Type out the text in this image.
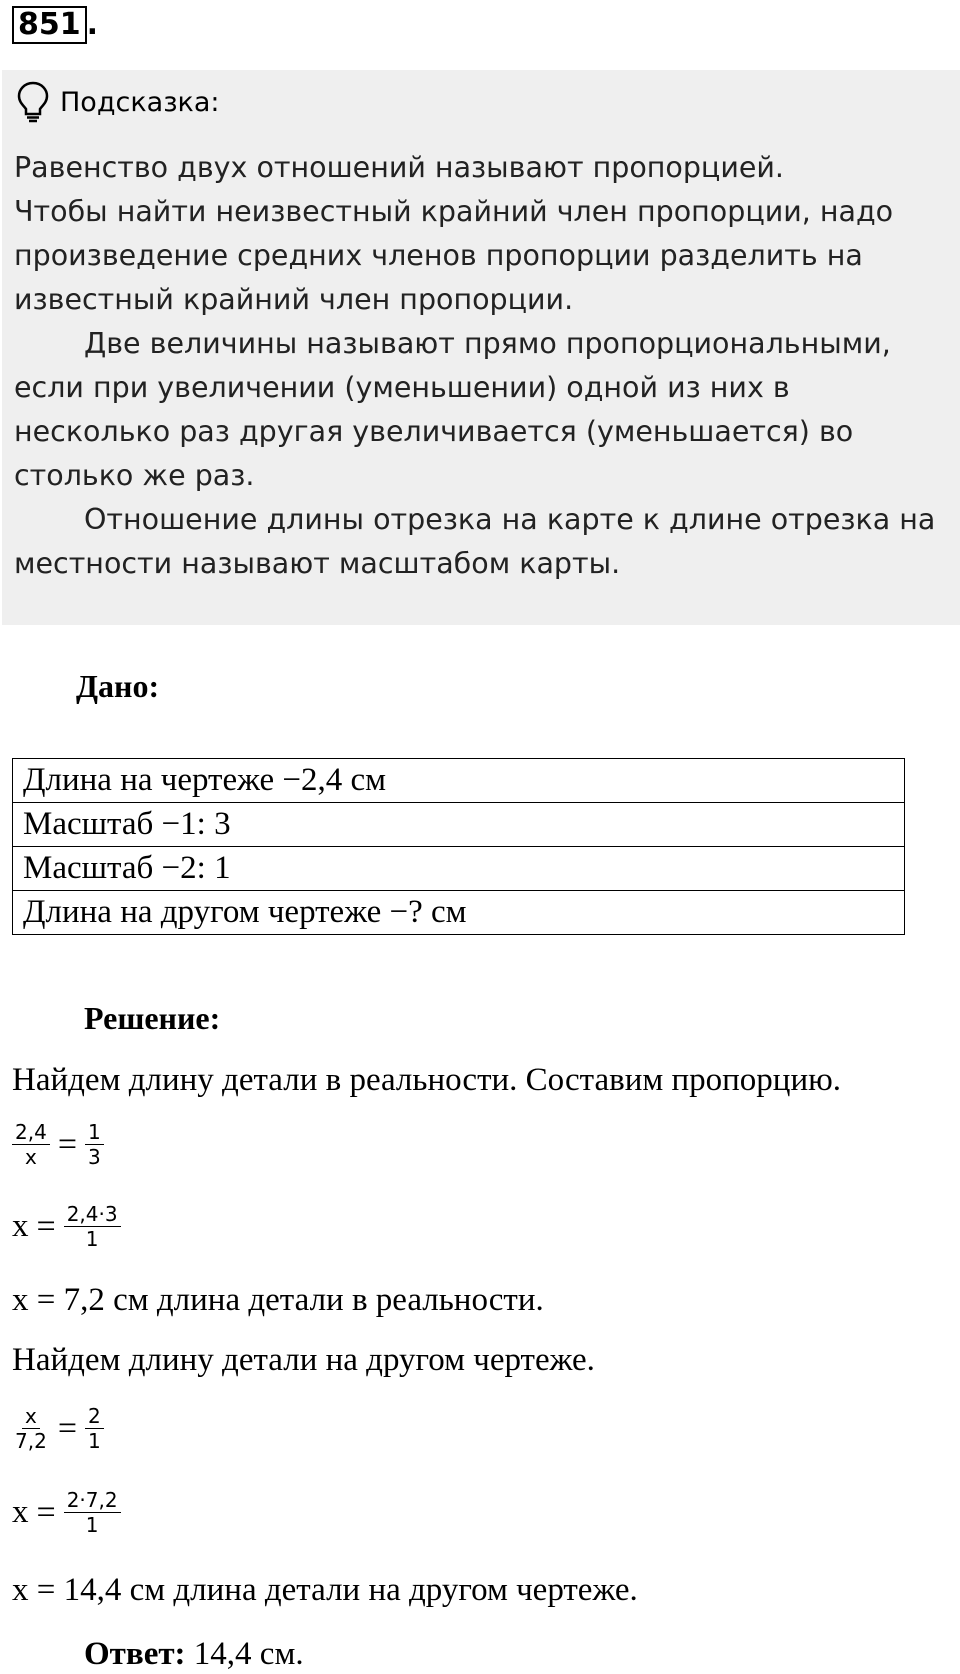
851 .
Подсказка:

Равенство двух отношений называют пропорцией.

Чтобы найти неизвестный крайний член пропорции, надо произведение средних членов пропорции разделить на известный крайний член пропорции.

Две величины называют прямо пропорциональными, если при увеличении (уменьшении) одной из них в несколько раз другая увеличивается (уменьшается) во столько же раз.

Отношение длины отрезка на карте к длине отрезка на местности называют масштабом карты.

Дано:
Длина на чертеже −2,4 см
Масштаб −1: 3
Масштаб −2: 1
Длина на другом чертеже −? см
Решение:
Найдем длину детали в реальности. Составим пропорцию.
$\frac{2,4}{x} = \frac{1}{3}$
$x = \frac{2,4\cdot 3}{1}$
x = 7,2 см длина детали в реальности.
Найдем длину детали на другом чертеже.
$\frac{x}{7,2} = \frac{2}{1}$
$x = \frac{2\cdot 7,2}{1}$
x = 14,4 см длина детали на другом чертеже.
Ответ: 14,4 см.
